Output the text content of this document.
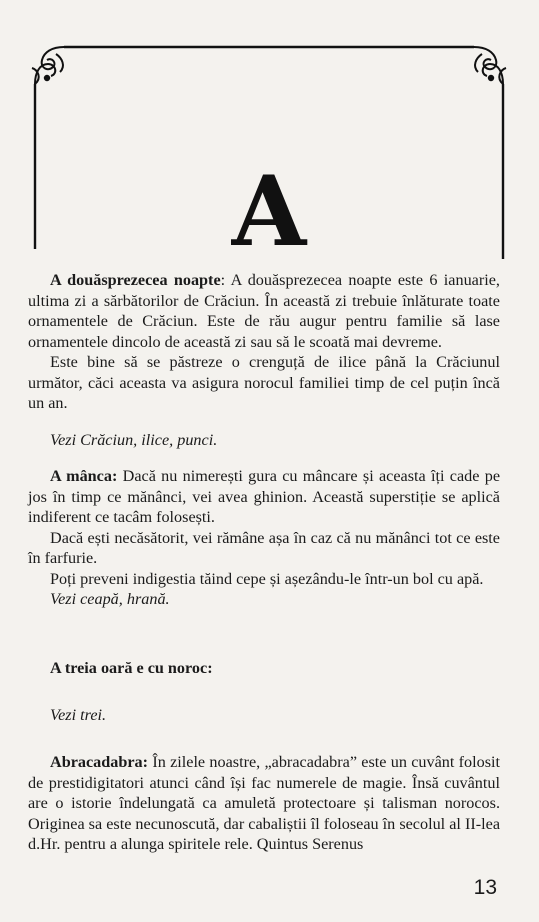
A

A douăsprezecea noapte: A douăsprezecea noapte este 6 ianuarie, ultima zi a sărbătorilor de Crăciun. În această zi trebuie înlăturate toate ornamentele de Crăciun. Este de rău augur pentru familie să lase ornamentele dincolo de această zi sau să le scoată mai devreme.

Este bine să se păstreze o crenguță de ilice până la Crăciunul următor, căci aceasta va asigura norocul familiei timp de cel puțin încă un an.

Vezi Crăciun, ilice, punci.

A mânca: Dacă nu nimerești gura cu mâncare și aceasta îți cade pe jos în timp ce mănânci, vei avea ghinion. Această superstiție se aplică indiferent ce tacâm folosești.

Dacă ești necăsătorit, vei rămâne așa în caz că nu mănânci tot ce este în farfurie.

Poți preveni indigestia tăind cepe și așezându-le într-un bol cu apă.

Vezi ceapă, hrană.

A treia oară e cu noroc:

Vezi trei.

Abracadabra: În zilele noastre, „abracadabra” este un cuvânt folosit de prestidigitatori atunci când își fac numerele de magie. Însă cuvântul are o istorie îndelungată ca amuletă protectoare și talisman norocos. Originea sa este necunoscută, dar cabaliștii îl foloseau în secolul al II-lea d.Hr. pentru a alunga spiritele rele. Quintus Serenus

13
